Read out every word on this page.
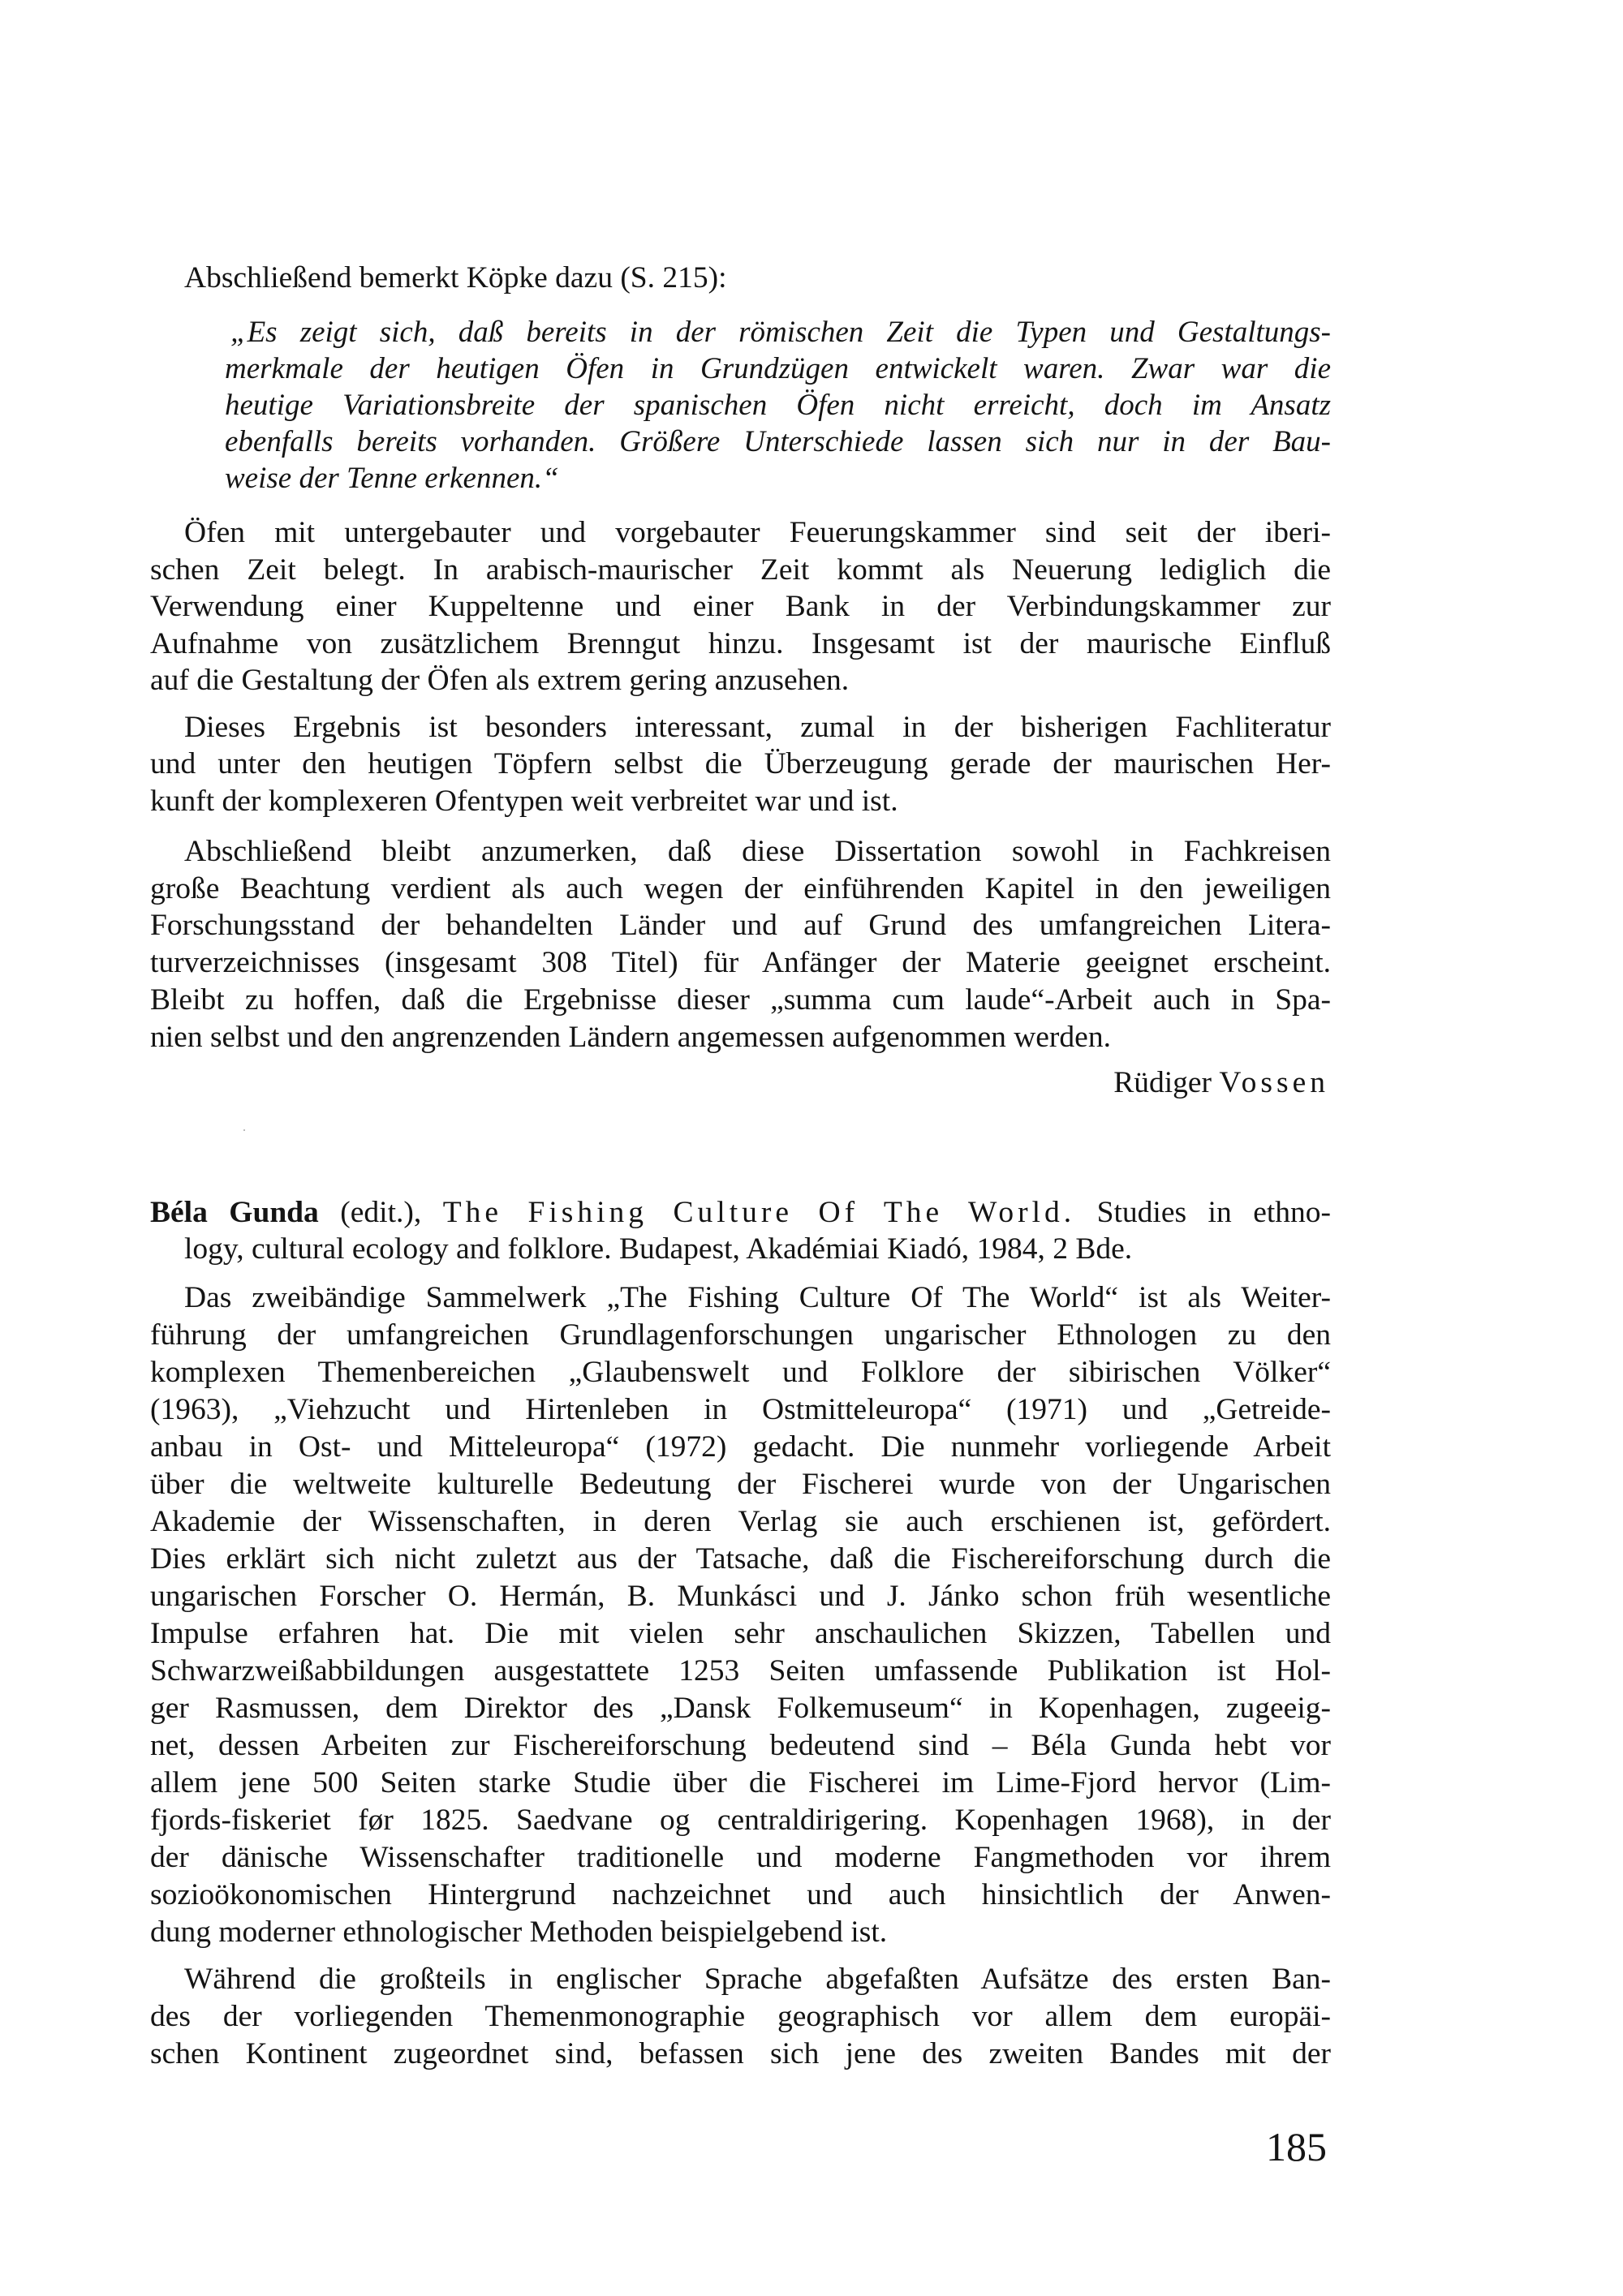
Abschließend bemerkt Köpke dazu (S. 215):
„Es zeigt sich, daß bereits in der römischen Zeit die Typen und Gestaltungs-
merkmale der heutigen Öfen in Grundzügen entwickelt waren. Zwar war die
heutige Variationsbreite der spanischen Öfen nicht erreicht, doch im Ansatz
ebenfalls bereits vorhanden. Größere Unterschiede lassen sich nur in der Bau-
weise der Tenne erkennen.“
Öfen mit untergebauter und vorgebauter Feuerungskammer sind seit der iberi-
schen Zeit belegt. In arabisch-maurischer Zeit kommt als Neuerung lediglich die
Verwendung einer Kuppeltenne und einer Bank in der Verbindungskammer zur
Aufnahme von zusätzlichem Brenngut hinzu. Insgesamt ist der maurische Einfluß
auf die Gestaltung der Öfen als extrem gering anzusehen.
Dieses Ergebnis ist besonders interessant, zumal in der bisherigen Fachliteratur
und unter den heutigen Töpfern selbst die Überzeugung gerade der maurischen Her-
kunft der komplexeren Ofentypen weit verbreitet war und ist.
Abschließend bleibt anzumerken, daß diese Dissertation sowohl in Fachkreisen
große Beachtung verdient als auch wegen der einführenden Kapitel in den jeweiligen
Forschungsstand der behandelten Länder und auf Grund des umfangreichen Litera-
turverzeichnisses (insgesamt 308 Titel) für Anfänger der Materie geeignet erscheint.
Bleibt zu hoffen, daß die Ergebnisse dieser „summa cum laude“-Arbeit auch in Spa-
nien selbst und den angrenzenden Ländern angemessen aufgenommen werden.
Rüdiger Vossen
Béla Gunda (edit.), The Fishing Culture Of The World. Studies in ethno-
logy, cultural ecology and folklore. Budapest, Akadémiai Kiadó, 1984, 2 Bde.
Das zweibändige Sammelwerk „The Fishing Culture Of The World“ ist als Weiter-
führung der umfangreichen Grundlagenforschungen ungarischer Ethnologen zu den
komplexen Themenbereichen „Glaubenswelt und Folklore der sibirischen Völker“
(1963), „Viehzucht und Hirtenleben in Ostmitteleuropa“ (1971) und „Getreide-
anbau in Ost- und Mitteleuropa“ (1972) gedacht. Die nunmehr vorliegende Arbeit
über die weltweite kulturelle Bedeutung der Fischerei wurde von der Ungarischen
Akademie der Wissenschaften, in deren Verlag sie auch erschienen ist, gefördert.
Dies erklärt sich nicht zuletzt aus der Tatsache, daß die Fischereiforschung durch die
ungarischen Forscher O. Hermán, B. Munkásci und J. Jánko schon früh wesentliche
Impulse erfahren hat. Die mit vielen sehr anschaulichen Skizzen, Tabellen und
Schwarzweißabbildungen ausgestattete 1253 Seiten umfassende Publikation ist Hol-
ger Rasmussen, dem Direktor des „Dansk Folkemuseum“ in Kopenhagen, zugeeig-
net, dessen Arbeiten zur Fischereiforschung bedeutend sind – Béla Gunda hebt vor
allem jene 500 Seiten starke Studie über die Fischerei im Lime-Fjord hervor (Lim-
fjords-fiskeriet før 1825. Saedvane og centraldirigering. Kopenhagen 1968), in der
der dänische Wissenschafter traditionelle und moderne Fangmethoden vor ihrem
sozioökonomischen Hintergrund nachzeichnet und auch hinsichtlich der Anwen-
dung moderner ethnologischer Methoden beispielgebend ist.
Während die großteils in englischer Sprache abgefaßten Aufsätze des ersten Ban-
des der vorliegenden Themenmonographie geographisch vor allem dem europäi-
schen Kontinent zugeordnet sind, befassen sich jene des zweiten Bandes mit der
185
